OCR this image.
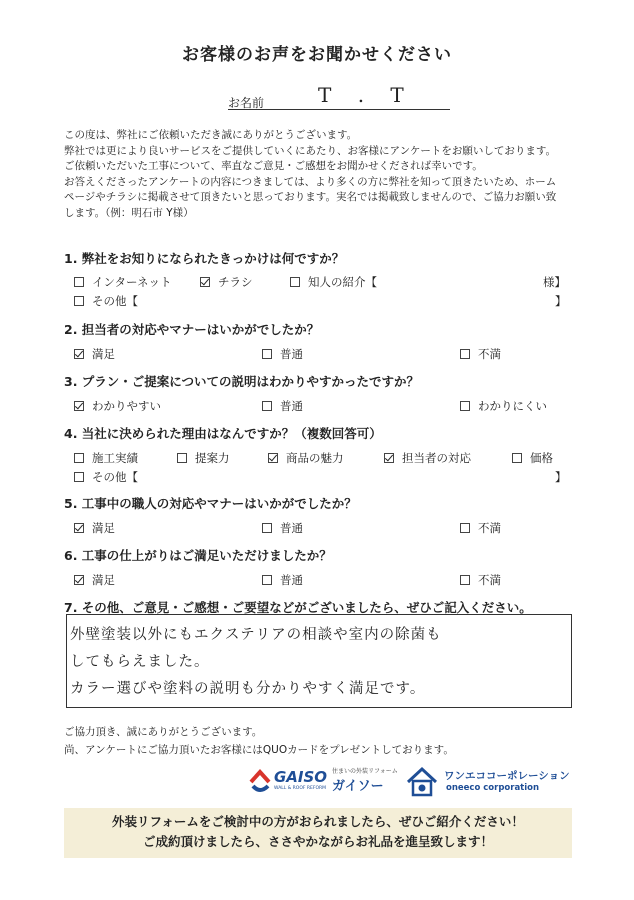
お客様のお声をお聞かせください
お名前	T . T
この度は、弊社にご依頼いただき誠にありがとうございます。
弊社では更により良いサービスをご提供していくにあたり、お客様にアンケートをお願いしております。
ご依頼いただいた工事について、率直なご意見・ご感想をお聞かせくだされば幸いです。
お答えくださったアンケートの内容につきましては、より多くの方に弊社を知って頂きたいため、ホーム
ページやチラシに掲載させて頂きたいと思っております。実名では掲載致しませんので、ご協力お願い致
します。（例：明石市 Y様）
1. 弊社をお知りになられたきっかけは何ですか？
インターネット	チラシ	知人の紹介【	様】
その他【	】
2. 担当者の対応やマナーはいかがでしたか？
満足	普通	不満
3. プラン・ご提案についての説明はわかりやすかったですか？
わかりやすい	普通	わかりにくい
4. 当社に決められた理由はなんですか？（複数回答可）
施工実績	提案力	商品の魅力	担当者の対応	価格
その他【	】
5. 工事中の職人の対応やマナーはいかがでしたか？
満足	普通	不満
6. 工事の仕上がりはご満足いただけましたか？
満足	普通	不満
7. その他、ご意見・ご感想・ご要望などがございましたら、ぜひご記入ください。
外壁塗装以外にもエクステリアの相談や室内の除菌も
してもらえました。
カラー選びや塗料の説明も分かりやすく満足です。
ご協力頂き、誠にありがとうございます。
尚、アンケートにご協力頂いたお客様にはQUOカードをプレゼントしております。
GAISO
WALL & ROOF REFORM
住まいの外装リフォーム
ガイソー
ワンエココーポレーション
oneeco corporation
外装リフォームをご検討中の方がおられましたら、ぜひご紹介ください！
ご成約頂けましたら、ささやかながらお礼品を進呈致します！
